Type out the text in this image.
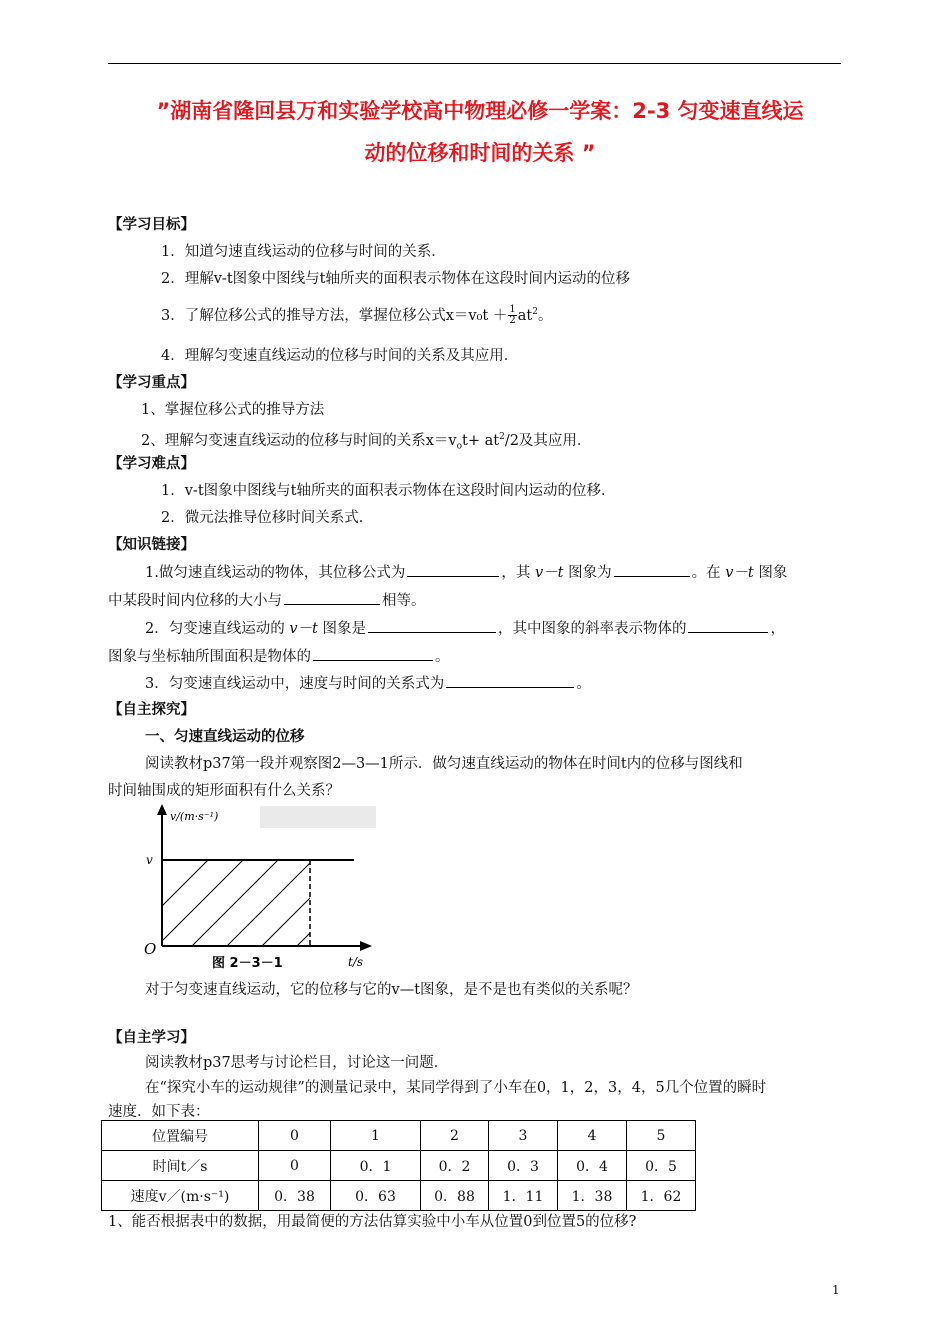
”湖南省隆回县万和实验学校高中物理必修一学案：2-3 匀变速直线运
动的位移和时间的关系 ”
【学习目标】
1．知道匀速直线运动的位移与时间的关系．
2．理解v-t图象中图线与t轴所夹的面积表示物体在这段时间内运动的位移
3．了解位移公式的推导方法，掌握位移公式$x=v_0t + \frac{1}{2} at^2$。
4．理解匀变速直线运动的位移与时间的关系及其应用．
【学习重点】
1、掌握位移公式的推导方法
2、理解匀变速直线运动的位移与时间的关系$x=v_ot+ at^2/2$及其应用．
【学习难点】
1．v-t图象中图线与t轴所夹的面积表示物体在这段时间内运动的位移．
2．微元法推导位移时间关系式．
【知识链接】
1.做匀速直线运动的物体，其位移公式为	，其 v－t 图象为	。在 v－t 图象
中某段时间内位移的大小与	相等。
2．匀变速直线运动的 v－t 图象是	，其中图象的斜率表示物体的	，
图象与坐标轴所围面积是物体的	。
3．匀变速直线运动中，速度与时间的关系式为	。
【自主探究】
一、匀速直线运动的位移
阅读教材p37第一段并观察图2—3—1所示．做匀速直线运动的物体在时间t内的位移与图线和
时间轴围成的矩形面积有什么关系？
v/(m·s⁻¹)
v
O
t/s
图 2－3－1
对于匀变速直线运动，它的位移与它的v—t图象，是不是也有类似的关系呢？
【自主学习】
阅读教材p37思考与讨论栏目，讨论这一问题．
在“探究小车的运动规律”的测量记录中，某同学得到了小车在0，1，2，3，4，5几个位置的瞬时
速度．如下表：
位置编号	0	1	2	3	4	5
时间t／s	0	0．1	0．2	0．3	0．4	0．5
速度v／(m·s⁻¹)	0．38	0．63	0．88	1．11	1．38	1．62
1、能否根据表中的数据，用最简便的方法估算实验中小车从位置0到位置5的位移?
1
